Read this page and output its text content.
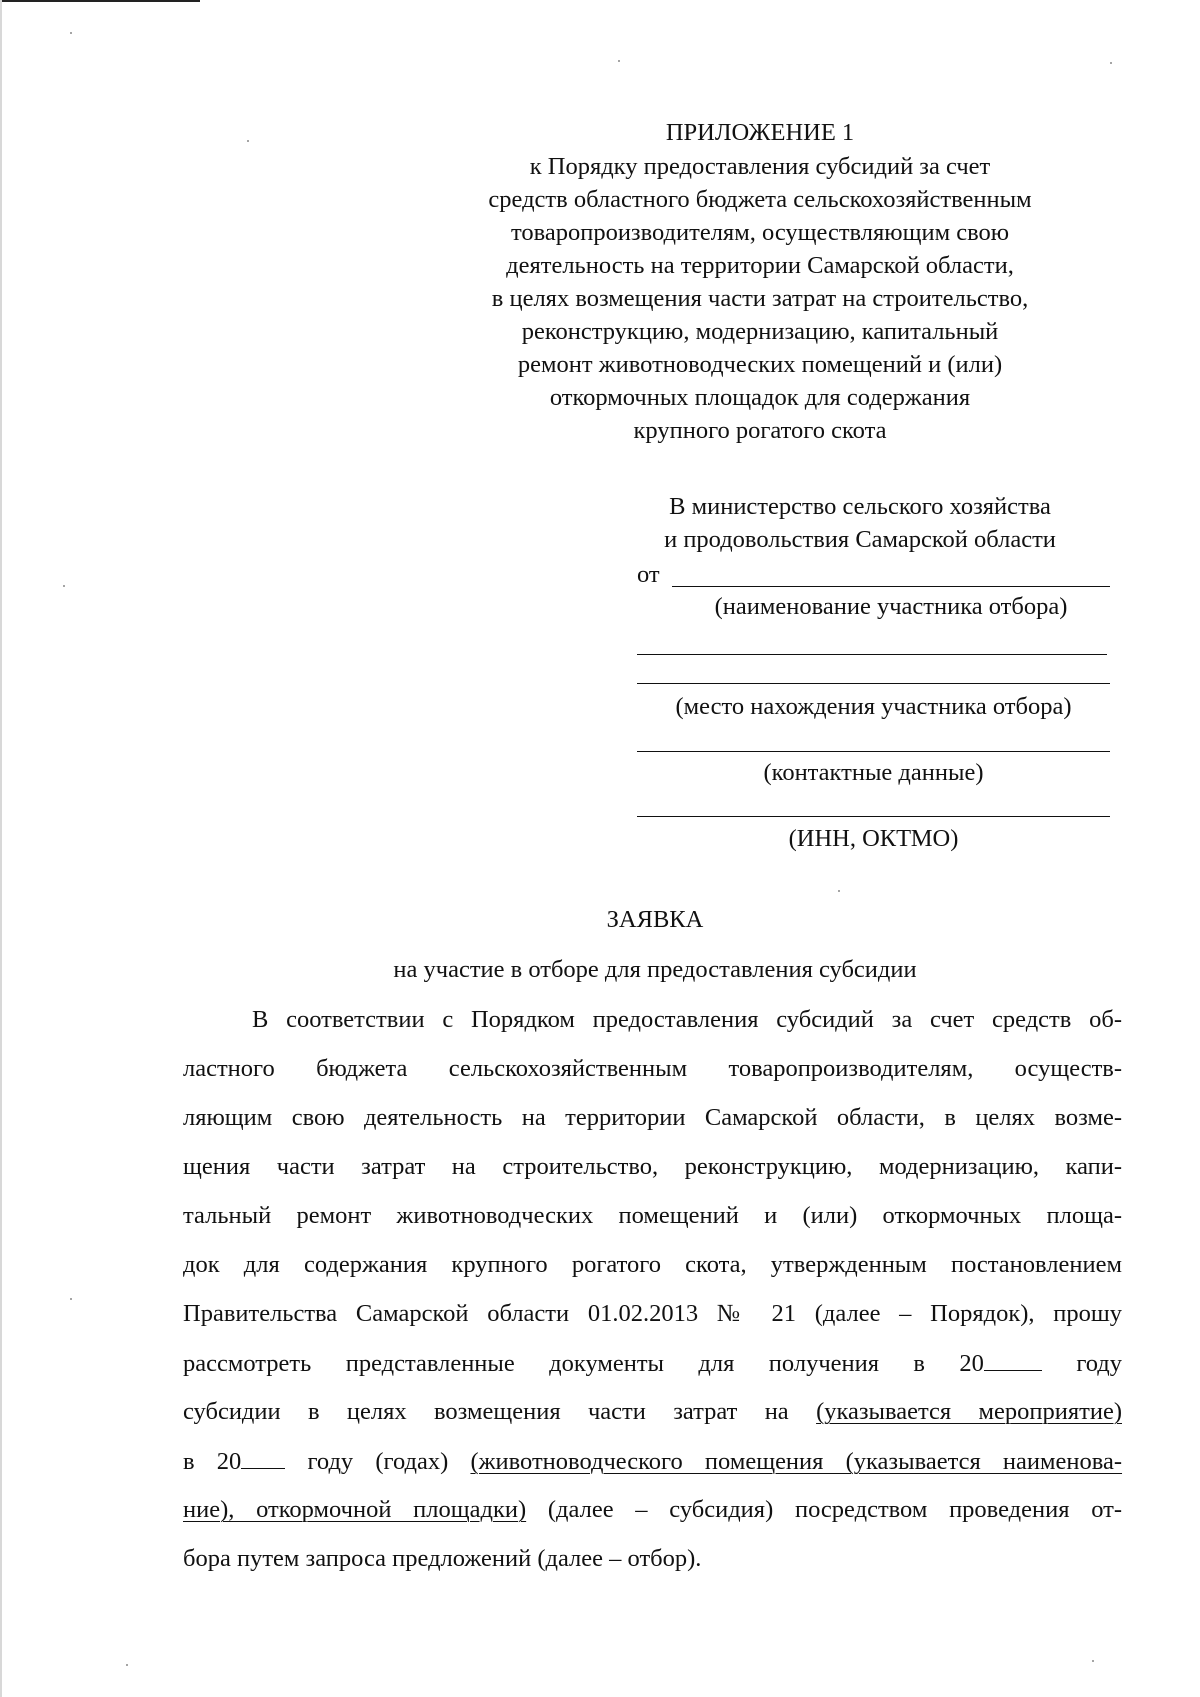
ПРИЛОЖЕНИЕ 1
к Порядку предоставления субсидий за счет
средств областного бюджета сельскохозяйственным
товаропроизводителям, осуществляющим свою
деятельность на территории Самарской области,
в целях возмещения части затрат на строительство,
реконструкцию, модернизацию, капитальный
ремонт животноводческих помещений и (или)
откормочных площадок для содержания
крупного рогатого скота
В министерство сельского хозяйства
и продовольствия Самарской области
от
(наименование участника отбора)
(место нахождения участника отбора)
(контактные данные)
(ИНН, ОКТМО)
ЗАЯВКА
на участие в отборе для предоставления субсидии
В соответствии с Порядком предоставления субсидий за счет средств об-
ластного бюджета сельскохозяйственным товаропроизводителям, осуществ-
ляющим свою деятельность на территории Самарской области, в целях возме-
щения части затрат на строительство, реконструкцию, модернизацию, капи-
тальный ремонт животноводческих помещений и (или) откормочных площа-
док для содержания крупного рогатого скота, утвержденным постановлением
Правительства Самарской области 01.02.2013 № 21 (далее – Порядок), прошу
рассмотреть представленные документы для получения в 20	году
субсидии в целях возмещения части затрат на (указывается мероприятие)
в 20	году (годах) (животноводческого помещения (указывается наименова-
ние), откормочной площадки) (далее – субсидия) посредством проведения от-
бора путем запроса предложений (далее – отбор).
